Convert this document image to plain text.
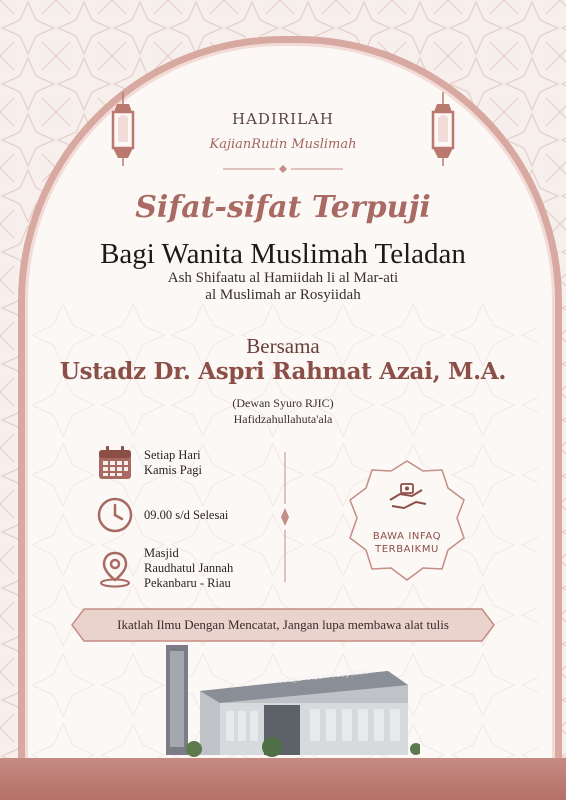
HADIRILAH
KajianRutin Muslimah
Sifat-sifat Terpuji
Bagi Wanita Muslimah Teladan
Ash Shifaatu al Hamiidah li al Mar-ati
al Muslimah ar Rosyiidah
Bersama
Ustadz Dr. Aspri Rahmat Azai, M.A.
(Dewan Syuro RJIC)
Hafidzahullahuta'ala
Setiap Hari
Kamis Pagi
09.00 s/d Selesai
Masjid
Raudhatul Jannah
Pekanbaru - Riau
BAWA INFAQ
TERBAIKMU
Ikatlah Ilmu Dengan Mencatat, Jangan lupa membawa alat tulis
MASJID RAUDHATUL JANNAH
